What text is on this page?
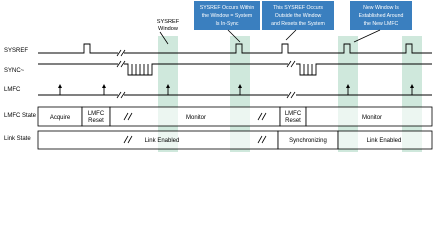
SYSREF
SYNC~
LMFC
LMFC State
Link State
SYSREF
Window
SYSREF Occurs Within
the Window = System
Is In-Sync
This SYSREF Occurs
Outside the Window
and Resets the System
New Window Is
Established Around
the New LMFC
Acquire
LMFC
Reset	Monitor
LMFC
Reset	Monitor
Link Enabled	Synchronizing	Link Enabled
